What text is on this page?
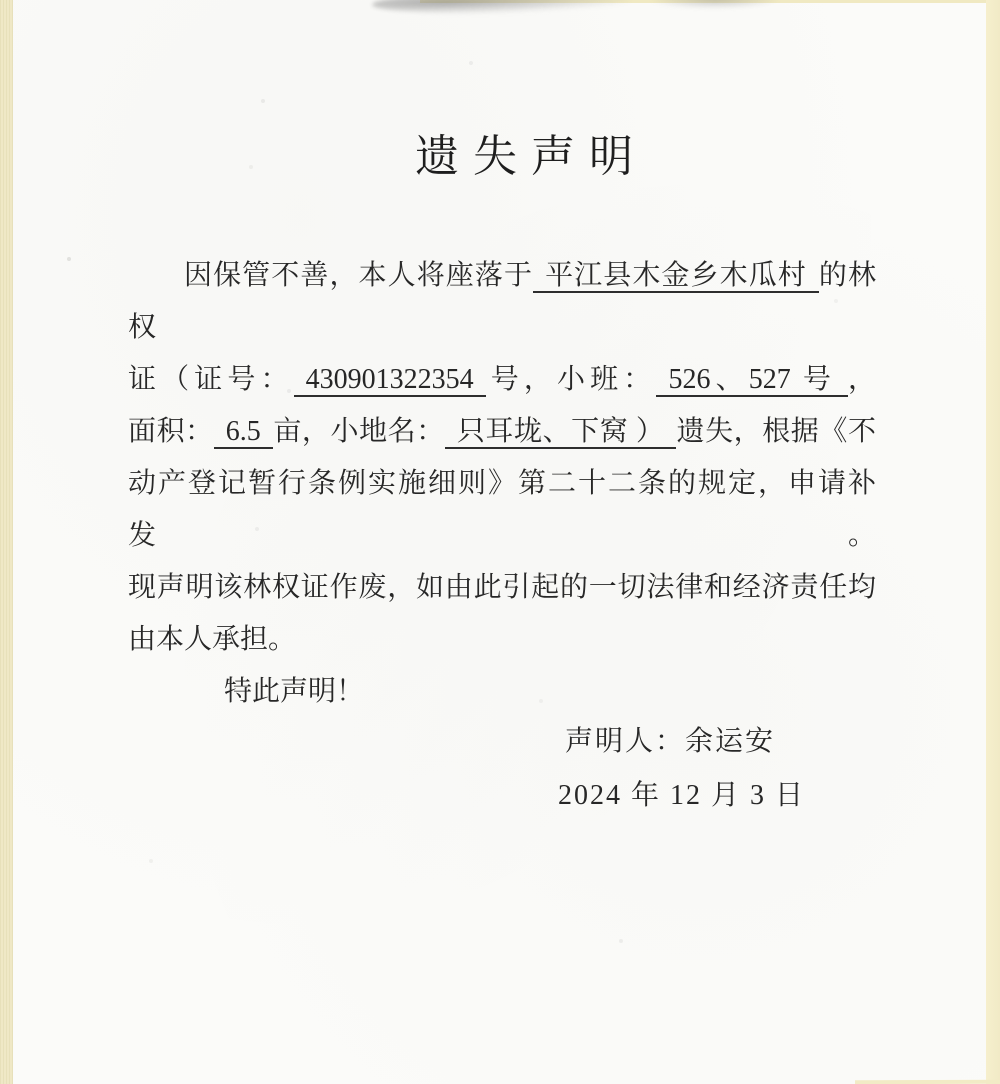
遗失声明
因保管不善，本人将座落于 平江县木金乡木瓜村 的林权
证（证号： 430901322354 号，小班： 526、527 号 ，
面积： 6.5 亩，小地名： 只耳垅、下窝 ） 遗失，根据《不
动产登记暂行条例实施细则》第二十二条的规定，申请补发。
现声明该林权证作废，如由此引起的一切法律和经济责任均
由本人承担。
特此声明！
声明人：余运安
2024 年 12 月 3 日
